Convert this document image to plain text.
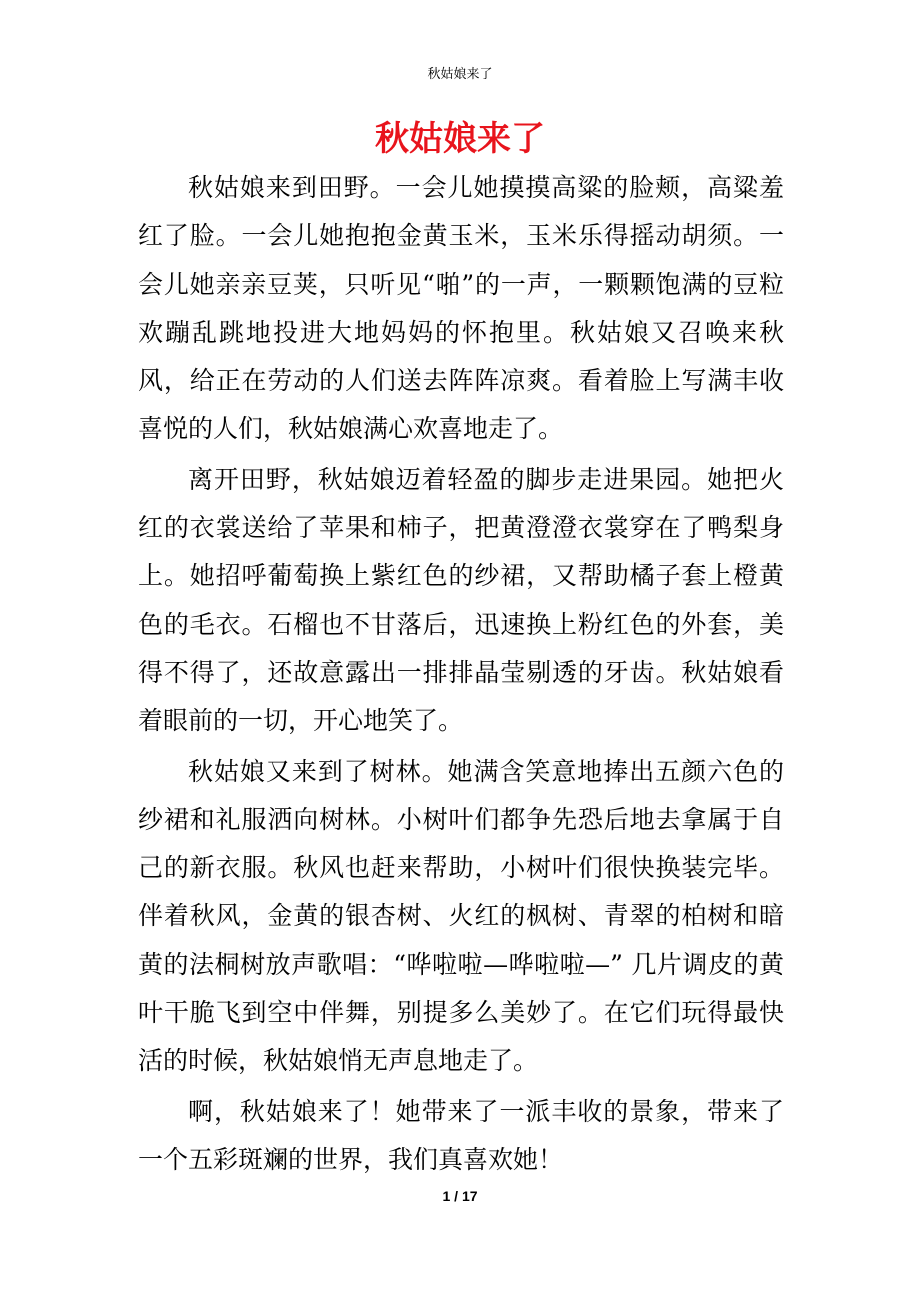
秋姑娘来了
秋姑娘来了

秋姑娘来到田野。一会儿她摸摸高粱的脸颊，高粱羞红了脸。一会儿她抱抱金黄玉米，玉米乐得摇动胡须。一会儿她亲亲豆荚，只听见“啪”的一声，一颗颗饱满的豆粒欢蹦乱跳地投进大地妈妈的怀抱里。秋姑娘又召唤来秋风，给正在劳动的人们送去阵阵凉爽。看着脸上写满丰收喜悦的人们，秋姑娘满心欢喜地走了。

离开田野，秋姑娘迈着轻盈的脚步走进果园。她把火红的衣裳送给了苹果和柿子，把黄澄澄衣裳穿在了鸭梨身上。她招呼葡萄换上紫红色的纱裙，又帮助橘子套上橙黄色的毛衣。石榴也不甘落后，迅速换上粉红色的外套，美得不得了，还故意露出一排排晶莹剔透的牙齿。秋姑娘看着眼前的一切，开心地笑了。

秋姑娘又来到了树林。她满含笑意地捧出五颜六色的纱裙和礼服洒向树林。小树叶们都争先恐后地去拿属于自己的新衣服。秋风也赶来帮助，小树叶们很快换装完毕。伴着秋风，金黄的银杏树、火红的枫树、青翠的柏树和暗黄的法桐树放声歌唱：“哗啦啦—哗啦啦—” 几片调皮的黄叶干脆飞到空中伴舞，别提多么美妙了。在它们玩得最快活的时候，秋姑娘悄无声息地走了。

啊，秋姑娘来了！她带来了一派丰收的景象，带来了一个五彩斑斓的世界，我们真喜欢她！

1 / 17
